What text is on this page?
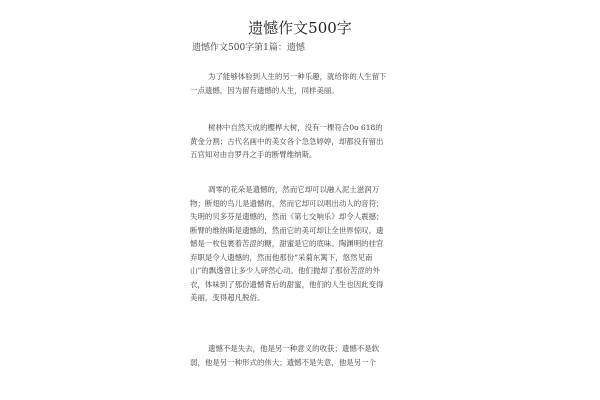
遗憾作文500字

遗憾作文500字第1篇：遗憾

为了能够体验到人生的另一种乐趣，就给你的人生留下一点遗憾，因为留有遗憾的人生，同样美丽。

树林中自然天成的樱桦大树，没有一棵符合0o 618的黄金分割；古代名画中的美女各个急急婷婷，却都没有留出五官知对由自罗丹之手的断臂维纳斯。

凋零的花朵是遗憾的，然而它却可以融入泥土滋润万物；断翅的鸟儿是遗憾的，然而它却可以唱出动人的音符；失明的贝多芬是遗憾的，然而《第七交响乐》却令人震撼；断臂的维纳斯是遗憾的，然而它的美可却让全世界惊叹。遗憾是一枚包裹着苦涩的糖，甜蜜是它的底味。陶渊明的挂官弃职是令人遗憾的，然而他那份“采菊东篱下，悠然见南山”的飘逸曾让多少人砰然心动。他们抛却了那份苦涩的外衣，体味到了那份遗憾背后的甜蜜，他们的人生也因此变得美丽，变得超凡脱俗。

遗憾不是失去，他是另一种意义的收获；遗憾不是软弱，他是另一种形式的伟大；遗憾不是失意，他是另一个
